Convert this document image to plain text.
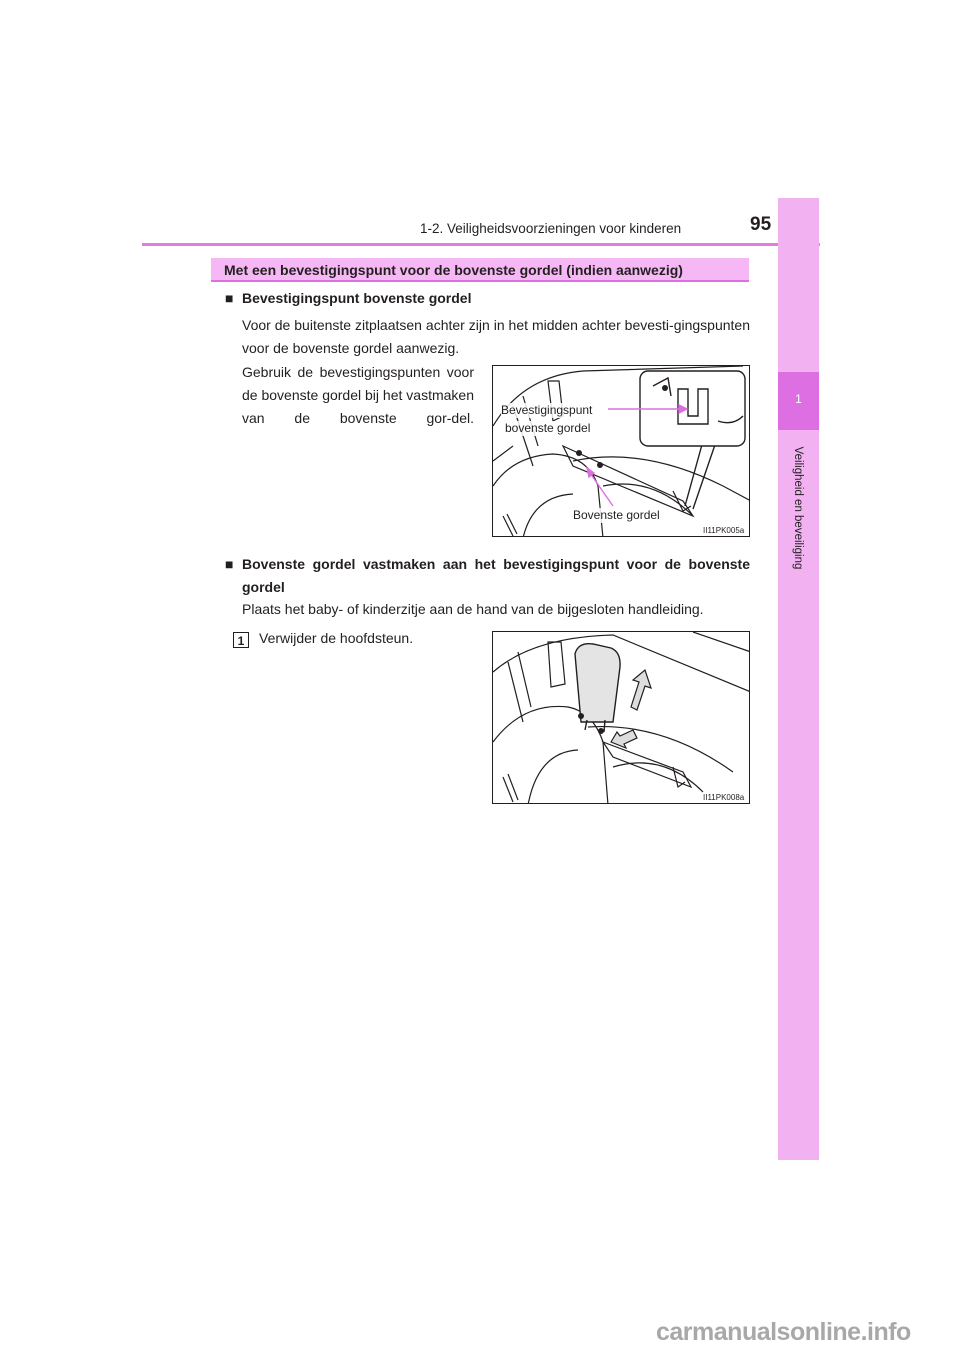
1-2. Veiligheidsvoorzieningen voor kinderen	95
1
Veiligheid en beveiliging
Met een bevestigingspunt voor de bovenste gordel (indien aanwezig)
■ Bevestigingspunt bovenste gordel
Voor de buitenste zitplaatsen achter zijn in het midden achter bevesti-gingspunten voor de bovenste gordel aanwezig.
Gebruik de bevestigingspunten voor de bovenste gordel bij het vastmaken van de bovenste gor-del. Bevestigingspunt
bovenste gordel
Bovenste gordel
II11PK005a
■ Bovenste gordel vastmaken aan het bevestigingspunt voor de bovenste gordel
Plaats het baby- of kinderzitje aan de hand van de bijgesloten handleiding.
1	Verwijder de hoofdsteun.
II11PK008a
carmanualsonline.info
